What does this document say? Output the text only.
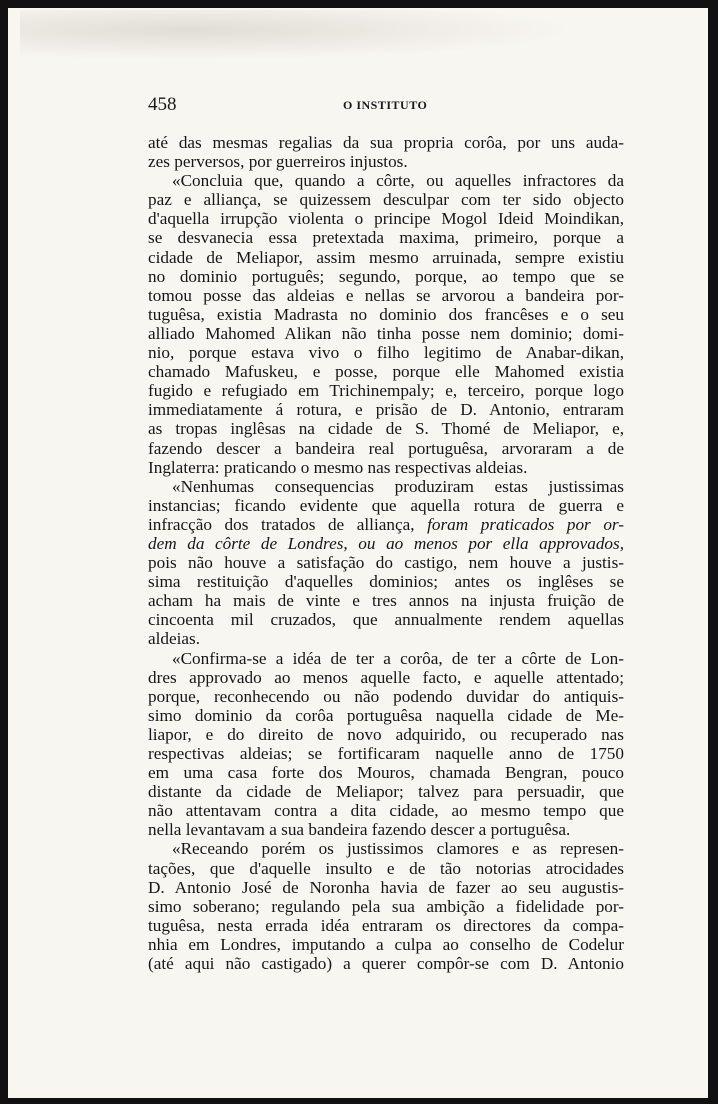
458	O INSTITUTO
até das mesmas regalias da sua propria corôa, por uns auda-
zes perversos, por guerreiros injustos.
«Concluia que, quando a côrte, ou aquelles infractores da
paz e alliança, se quizessem desculpar com ter sido objecto
d'aquella irrupção violenta o principe Mogol Ideid Moindikan,
se desvanecia essa pretextada maxima, primeiro, porque a
cidade de Meliapor, assim mesmo arruinada, sempre existiu
no dominio português; segundo, porque, ao tempo que se
tomou posse das aldeias e nellas se arvorou a bandeira por-
tuguêsa, existia Madrasta no dominio dos francêses e o seu
alliado Mahomed Alikan não tinha posse nem dominio; domi-
nio, porque estava vivo o filho legitimo de Anabar-dikan,
chamado Mafuskeu, e posse, porque elle Mahomed existia
fugido e refugiado em Trichinempaly; e, terceiro, porque logo
immediatamente á rotura, e prisão de D. Antonio, entraram
as tropas inglêsas na cidade de S. Thomé de Meliapor, e,
fazendo descer a bandeira real portuguêsa, arvoraram a de
Inglaterra: praticando o mesmo nas respectivas aldeias.
«Nenhumas consequencias produziram estas justissimas
instancias; ficando evidente que aquella rotura de guerra e
infracção dos tratados de alliança, foram praticados por or-
dem da côrte de Londres, ou ao menos por ella approvados,
pois não houve a satisfação do castigo, nem houve a justis-
sima restituição d'aquelles dominios; antes os inglêses se
acham ha mais de vinte e tres annos na injusta fruição de
cincoenta mil cruzados, que annualmente rendem aquellas
aldeias.
«Confirma-se a idéa de ter a corôa, de ter a côrte de Lon-
dres approvado ao menos aquelle facto, e aquelle attentado;
porque, reconhecendo ou não podendo duvidar do antiquis-
simo dominio da corôa portuguêsa naquella cidade de Me-
liapor, e do direito de novo adquirido, ou recuperado nas
respectivas aldeias; se fortificaram naquelle anno de 1750
em uma casa forte dos Mouros, chamada Bengran, pouco
distante da cidade de Meliapor; talvez para persuadir, que
não attentavam contra a dita cidade, ao mesmo tempo que
nella levantavam a sua bandeira fazendo descer a portuguêsa.
«Receando porém os justissimos clamores e as represen-
tações, que d'aquelle insulto e de tão notorias atrocidades
D. Antonio José de Noronha havia de fazer ao seu augustis-
simo soberano; regulando pela sua ambição a fidelidade por-
tuguêsa, nesta errada idéa entraram os directores da compa-
nhia em Londres, imputando a culpa ao conselho de Codelur
(até aqui não castigado) a querer compôr-se com D. Antonio
